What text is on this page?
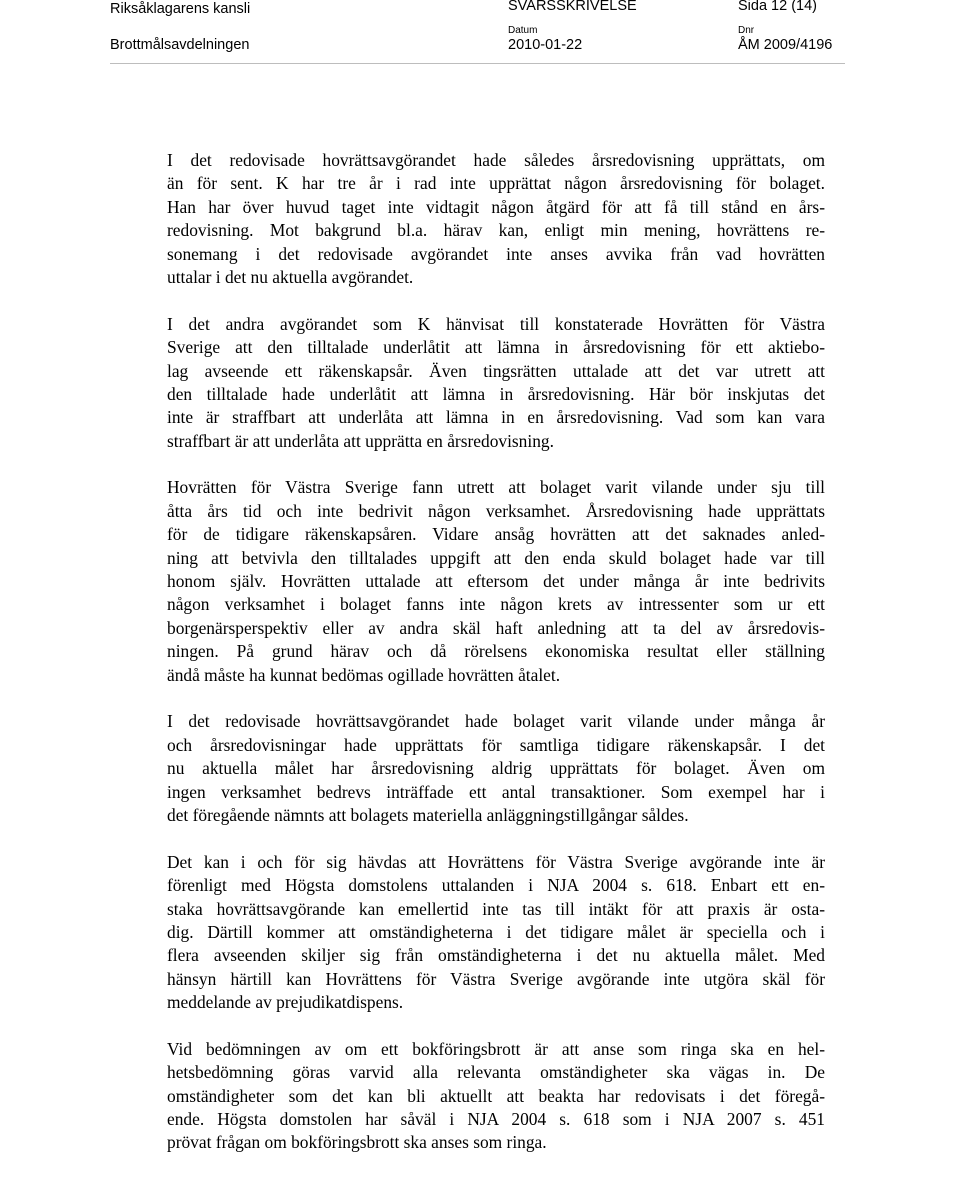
Riksåklagarens kansli
Brottmålsavdelningen
SVARSSKRIVELSE	Sida 12 (14)
Datum
2010-01-22
Dnr
ÅM 2009/4196
I det redovisade hovrättsavgörandet hade således årsredovisning upprättats, om
än för sent. K har tre år i rad inte upprättat någon årsredovisning för bolaget.
Han har över huvud taget inte vidtagit någon åtgärd för att få till stånd en års-
redovisning. Mot bakgrund bl.a. härav kan, enligt min mening, hovrättens re-
sonemang i det redovisade avgörandet inte anses avvika från vad hovrätten
uttalar i det nu aktuella avgörandet.
I det andra avgörandet som K hänvisat till konstaterade Hovrätten för Västra
Sverige att den tilltalade underlåtit att lämna in årsredovisning för ett aktiebo-
lag avseende ett räkenskapsår. Även tingsrätten uttalade att det var utrett att
den tilltalade hade underlåtit att lämna in årsredovisning. Här bör inskjutas det
inte är straffbart att underlåta att lämna in en årsredovisning. Vad som kan vara
straffbart är att underlåta att upprätta en årsredovisning.
Hovrätten för Västra Sverige fann utrett att bolaget varit vilande under sju till
åtta års tid och inte bedrivit någon verksamhet. Årsredovisning hade upprättats
för de tidigare räkenskapsåren. Vidare ansåg hovrätten att det saknades anled-
ning att betvivla den tilltalades uppgift att den enda skuld bolaget hade var till
honom själv. Hovrätten uttalade att eftersom det under många år inte bedrivits
någon verksamhet i bolaget fanns inte någon krets av intressenter som ur ett
borgenärsperspektiv eller av andra skäl haft anledning att ta del av årsredovis-
ningen. På grund härav och då rörelsens ekonomiska resultat eller ställning
ändå måste ha kunnat bedömas ogillade hovrätten åtalet.
I det redovisade hovrättsavgörandet hade bolaget varit vilande under många år
och årsredovisningar hade upprättats för samtliga tidigare räkenskapsår. I det
nu aktuella målet har årsredovisning aldrig upprättats för bolaget. Även om
ingen verksamhet bedrevs inträffade ett antal transaktioner. Som exempel har i
det föregående nämnts att bolagets materiella anläggningstillgångar såldes.
Det kan i och för sig hävdas att Hovrättens för Västra Sverige avgörande inte är
förenligt med Högsta domstolens uttalanden i NJA 2004 s. 618. Enbart ett en-
staka hovrättsavgörande kan emellertid inte tas till intäkt för att praxis är osta-
dig. Därtill kommer att omständigheterna i det tidigare målet är speciella och i
flera avseenden skiljer sig från omständigheterna i det nu aktuella målet. Med
hänsyn härtill kan Hovrättens för Västra Sverige avgörande inte utgöra skäl för
meddelande av prejudikatdispens.
Vid bedömningen av om ett bokföringsbrott är att anse som ringa ska en hel-
hetsbedömning göras varvid alla relevanta omständigheter ska vägas in. De
omständigheter som det kan bli aktuellt att beakta har redovisats i det föregå-
ende. Högsta domstolen har såväl i NJA 2004 s. 618 som i NJA 2007 s. 451
prövat frågan om bokföringsbrott ska anses som ringa.
